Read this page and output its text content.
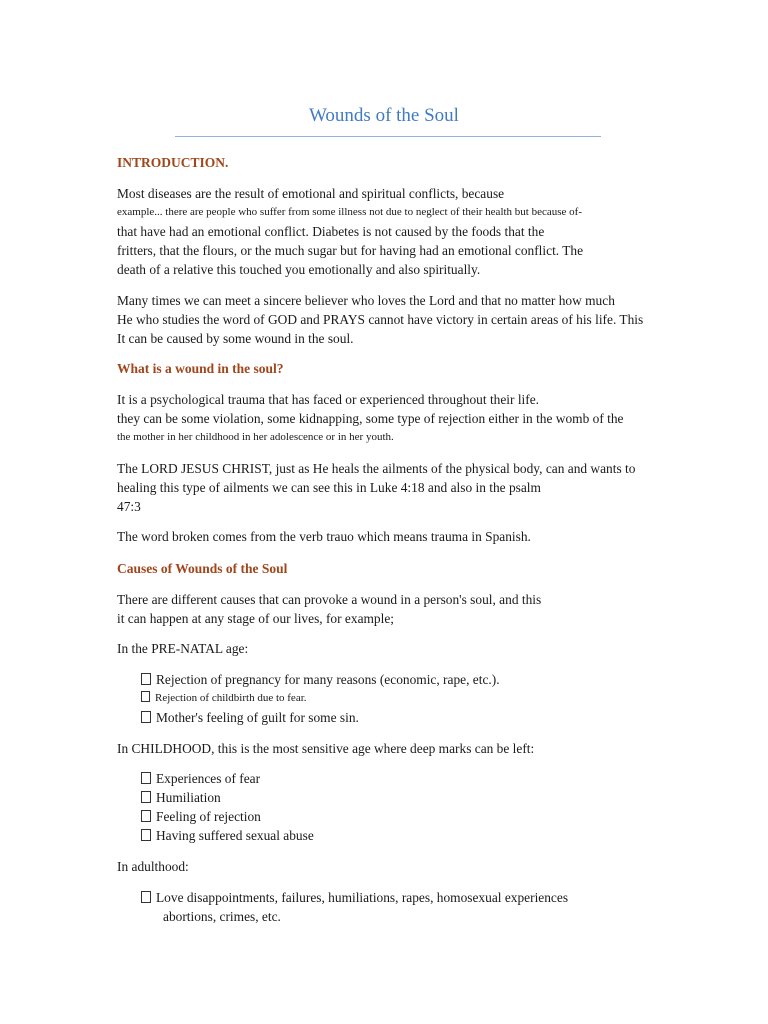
Wounds of the Soul
INTRODUCTION.
Most diseases are the result of emotional and spiritual conflicts, because
example... there are people who suffer from some illness not due to neglect of their health but because of-
that have had an emotional conflict. Diabetes is not caused by the foods that the
fritters, that the flours, or the much sugar but for having had an emotional conflict. The
death of a relative this touched you emotionally and also spiritually.
Many times we can meet a sincere believer who loves the Lord and that no matter how much
He who studies the word of GOD and PRAYS cannot have victory in certain areas of his life. This
It can be caused by some wound in the soul.
What is a wound in the soul?
It is a psychological trauma that has faced or experienced throughout their life.
they can be some violation, some kidnapping, some type of rejection either in the womb of the
the mother in her childhood in her adolescence or in her youth.
The LORD JESUS CHRIST, just as He heals the ailments of the physical body, can and wants to
healing this type of ailments we can see this in Luke 4:18 and also in the psalm
47:3
The word broken comes from the verb trauo which means trauma in Spanish.
Causes of Wounds of the Soul
There are different causes that can provoke a wound in a person's soul, and this
it can happen at any stage of our lives, for example;
In the PRE-NATAL age:
Rejection of pregnancy for many reasons (economic, rape, etc.).
Rejection of childbirth due to fear.
Mother's feeling of guilt for some sin.
In CHILDHOOD, this is the most sensitive age where deep marks can be left:
Experiences of fear
Humiliation
Feeling of rejection
Having suffered sexual abuse
In adulthood:
Love disappointments, failures, humiliations, rapes, homosexual experiences
abortions, crimes, etc.
